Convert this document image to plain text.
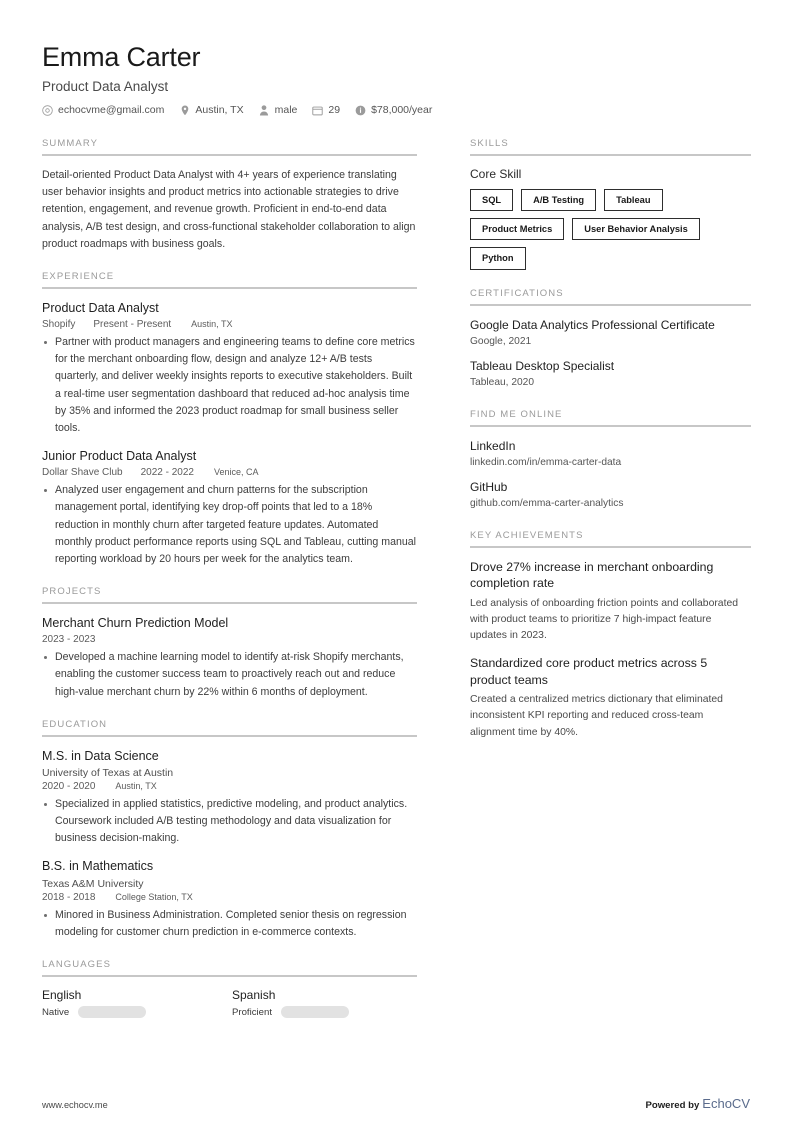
Emma Carter
Product Data Analyst
echocvme@gmail.com	Austin, TX	male	29	$78,000/year
SUMMARY
Detail-oriented Product Data Analyst with 4+ years of experience translating user behavior insights and product metrics into actionable strategies to drive retention, engagement, and revenue growth. Proficient in end-to-end data analysis, A/B test design, and cross-functional stakeholder collaboration to align product roadmaps with business goals.
EXPERIENCE
Product Data Analyst
Shopify Present - Present Austin, TX
Partner with product managers and engineering teams to define core metrics for the merchant onboarding flow, design and analyze 12+ A/B tests quarterly, and deliver weekly insights reports to executive stakeholders. Built a real-time user segmentation dashboard that reduced ad-hoc analysis time by 35% and informed the 2023 product roadmap for small business seller tools.
Junior Product Data Analyst
Dollar Shave Club 2022 - 2022 Venice, CA
Analyzed user engagement and churn patterns for the subscription management portal, identifying key drop-off points that led to a 18% reduction in monthly churn after targeted feature updates. Automated monthly product performance reports using SQL and Tableau, cutting manual reporting workload by 20 hours per week for the analytics team.
PROJECTS
Merchant Churn Prediction Model
2023 - 2023
Developed a machine learning model to identify at-risk Shopify merchants, enabling the customer success team to proactively reach out and reduce high-value merchant churn by 22% within 6 months of deployment.
EDUCATION
M.S. in Data Science
University of Texas at Austin
2020 - 2020 Austin, TX
Specialized in applied statistics, predictive modeling, and product analytics. Coursework included A/B testing methodology and data visualization for business decision-making.
B.S. in Mathematics
Texas A&M University
2018 - 2018 College Station, TX
Minored in Business Administration. Completed senior thesis on regression modeling for customer churn prediction in e-commerce contexts.
LANGUAGES
English
Native
Spanish
Proficient
SKILLS
Core Skill
SQL	A/B Testing	Tableau
Product Metrics	User Behavior Analysis
Python
CERTIFICATIONS
Google Data Analytics Professional Certificate
Google, 2021
Tableau Desktop Specialist
Tableau, 2020
FIND ME ONLINE
LinkedIn
linkedin.com/in/emma-carter-data
GitHub
github.com/emma-carter-analytics
KEY ACHIEVEMENTS
Drove 27% increase in merchant onboarding completion rate
Led analysis of onboarding friction points and collaborated with product teams to prioritize 7 high-impact feature updates in 2023.
Standardized core product metrics across 5 product teams
Created a centralized metrics dictionary that eliminated inconsistent KPI reporting and reduced cross-team alignment time by 40%.
www.echocv.me	Powered by EchoCV
